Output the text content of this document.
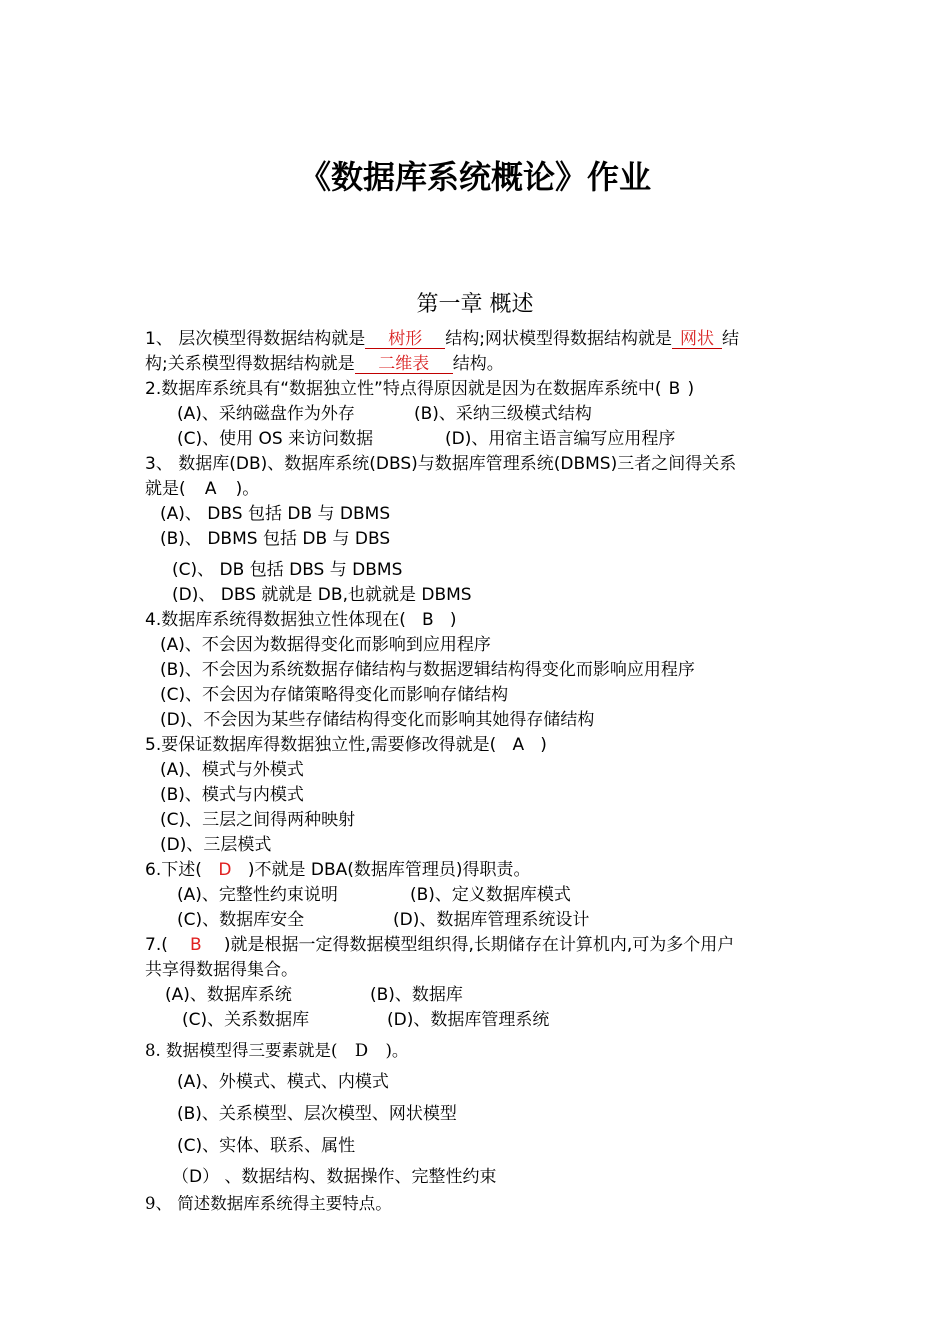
《数据库系统概论》作业
第一章 概述
1、 层次模型得数据结构就是 树形 结构;网状模型得数据结构就是 网状 结
构;关系模型得数据结构就是 二维表 结构。
2.数据库系统具有“数据独立性”特点得原因就是因为在数据库系统中( B )
(A)、采纳磁盘作为外存	(B)、采纳三级模式结构
(C)、使用 OS 来访问数据	(D)、用宿主语言编写应用程序
3、 数据库(DB)、数据库系统(DBS)与数据库管理系统(DBMS)三者之间得关系
就是( A )。
(A)、 DBS 包括 DB 与 DBMS
(B)、 DBMS 包括 DB 与 DBS
(C)、 DB 包括 DBS 与 DBMS
(D)、 DBS 就就是 DB,也就就是 DBMS
4.数据库系统得数据独立性体现在( B )
(A)、不会因为数据得变化而影响到应用程序
(B)、不会因为系统数据存储结构与数据逻辑结构得变化而影响应用程序
(C)、不会因为存储策略得变化而影响存储结构
(D)、不会因为某些存储结构得变化而影响其她得存储结构
5.要保证数据库得数据独立性,需要修改得就是( A )
(A)、模式与外模式
(B)、模式与内模式
(C)、三层之间得两种映射
(D)、三层模式
6.下述( D )不就是 DBA(数据库管理员)得职责。
(A)、完整性约束说明	(B)、定义数据库模式
(C)、数据库安全	(D)、数据库管理系统设计
7.( B )就是根据一定得数据模型组织得,长期储存在计算机内,可为多个用户
共享得数据得集合。
(A)、数据库系统	(B)、数据库
(C)、关系数据库	(D)、数据库管理系统
8. 数据模型得三要素就是( D )。
(A)、外模式、模式、内模式
(B)、关系模型、层次模型、网状模型
(C)、实体、联系、属性
（D） 、数据结构、数据操作、完整性约束
9、 简述数据库系统得主要特点。
